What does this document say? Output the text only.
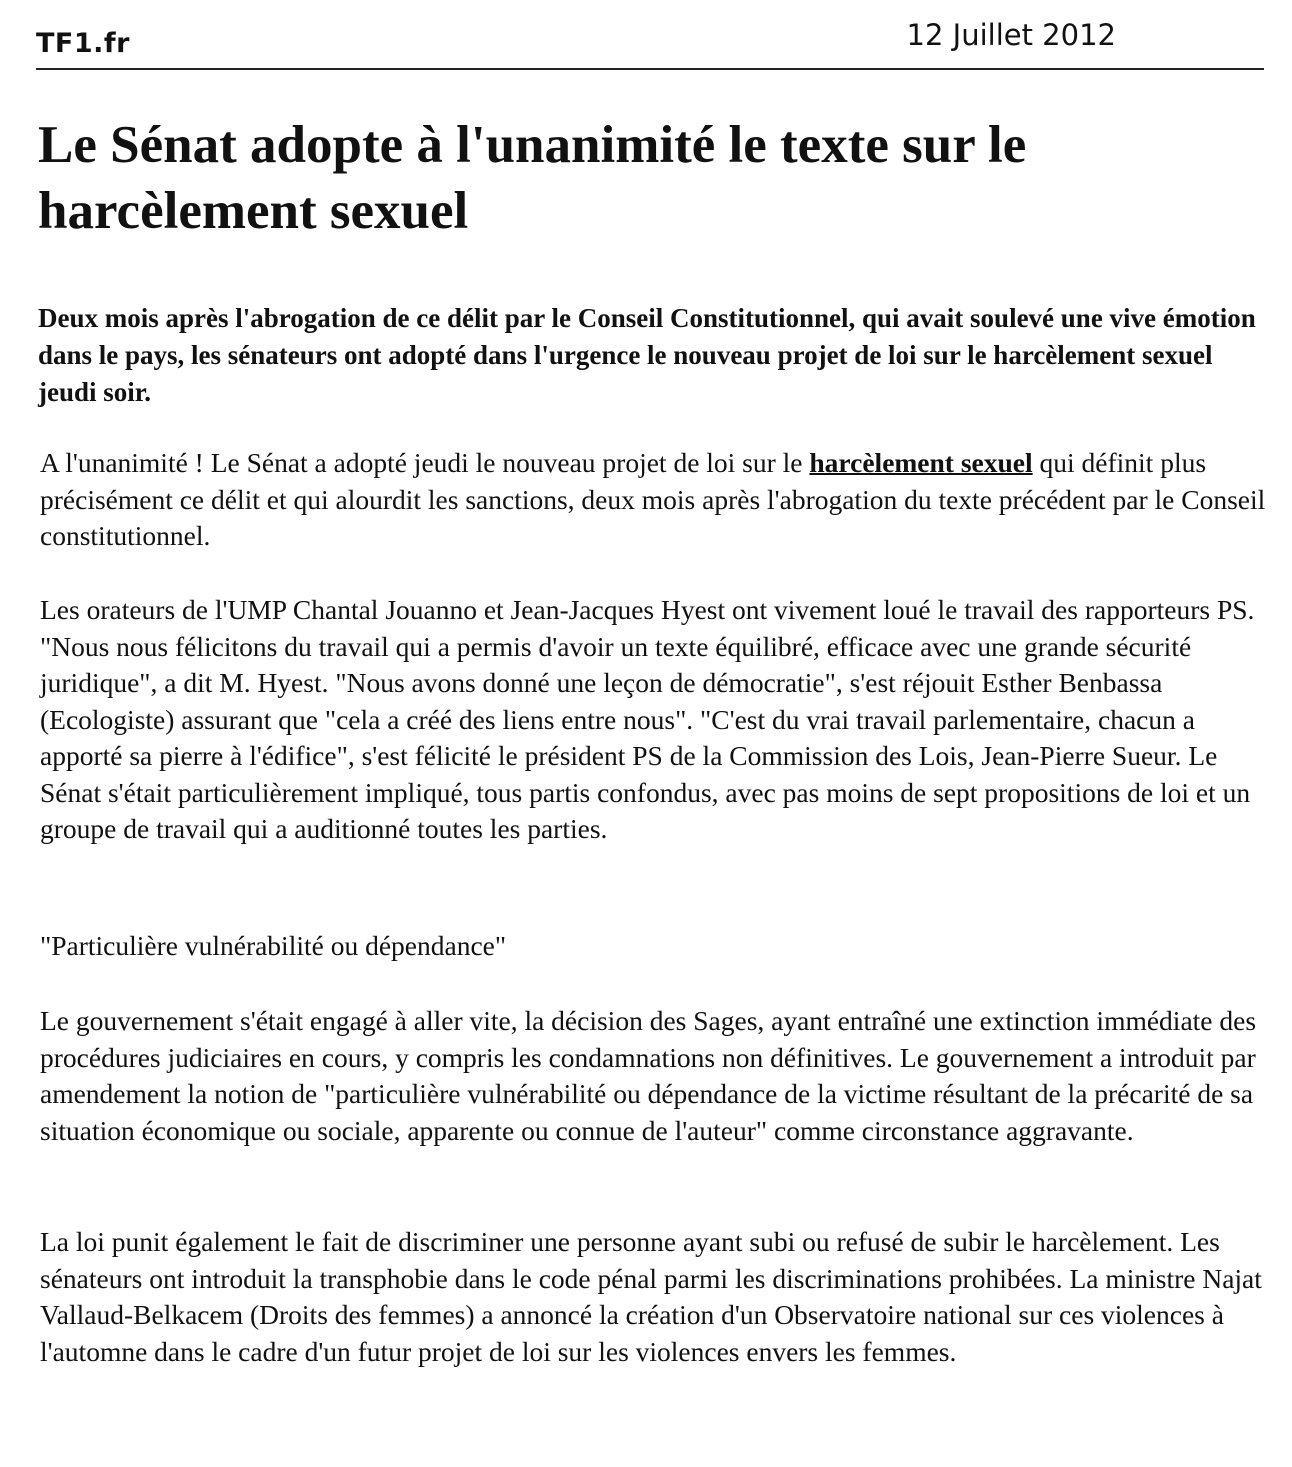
TF1.fr	12 Juillet 2012
Le Sénat adopte à l'unanimité le texte sur le harcèlement sexuel

Deux mois après l'abrogation de ce délit par le Conseil Constitutionnel, qui avait soulevé une vive émotion dans le pays, les sénateurs ont adopté dans l'urgence le nouveau projet de loi sur le harcèlement sexuel jeudi soir.

A l'unanimité ! Le Sénat a adopté jeudi le nouveau projet de loi sur le harcèlement sexuel qui définit plus précisément ce délit et qui alourdit les sanctions, deux mois après l'abrogation du texte précédent par le Conseil constitutionnel.

Les orateurs de l'UMP Chantal Jouanno et Jean-Jacques Hyest ont vivement loué le travail des rapporteurs PS. "Nous nous félicitons du travail qui a permis d'avoir un texte équilibré, efficace avec une grande sécurité juridique", a dit M. Hyest. "Nous avons donné une leçon de démocratie", s'est réjouit Esther Benbassa (Ecologiste) assurant que "cela a créé des liens entre nous". "C'est du vrai travail parlementaire, chacun a apporté sa pierre à l'édifice", s'est félicité le président PS de la Commission des Lois, Jean-Pierre Sueur. Le Sénat s'était particulièrement impliqué, tous partis confondus, avec pas moins de sept propositions de loi et un groupe de travail qui a auditionné toutes les parties.

"Particulière vulnérabilité ou dépendance"

Le gouvernement s'était engagé à aller vite, la décision des Sages, ayant entraîné une extinction immédiate des procédures judiciaires en cours, y compris les condamnations non définitives. Le gouvernement a introduit par amendement la notion de "particulière vulnérabilité ou dépendance de la victime résultant de la précarité de sa situation économique ou sociale, apparente ou connue de l'auteur" comme circonstance aggravante.

La loi punit également le fait de discriminer une personne ayant subi ou refusé de subir le harcèlement. Les sénateurs ont introduit la transphobie dans le code pénal parmi les discriminations prohibées. La ministre Najat Vallaud-Belkacem (Droits des femmes) a annoncé la création d'un Observatoire national sur ces violences à l'automne dans le cadre d'un futur projet de loi sur les violences envers les femmes.
